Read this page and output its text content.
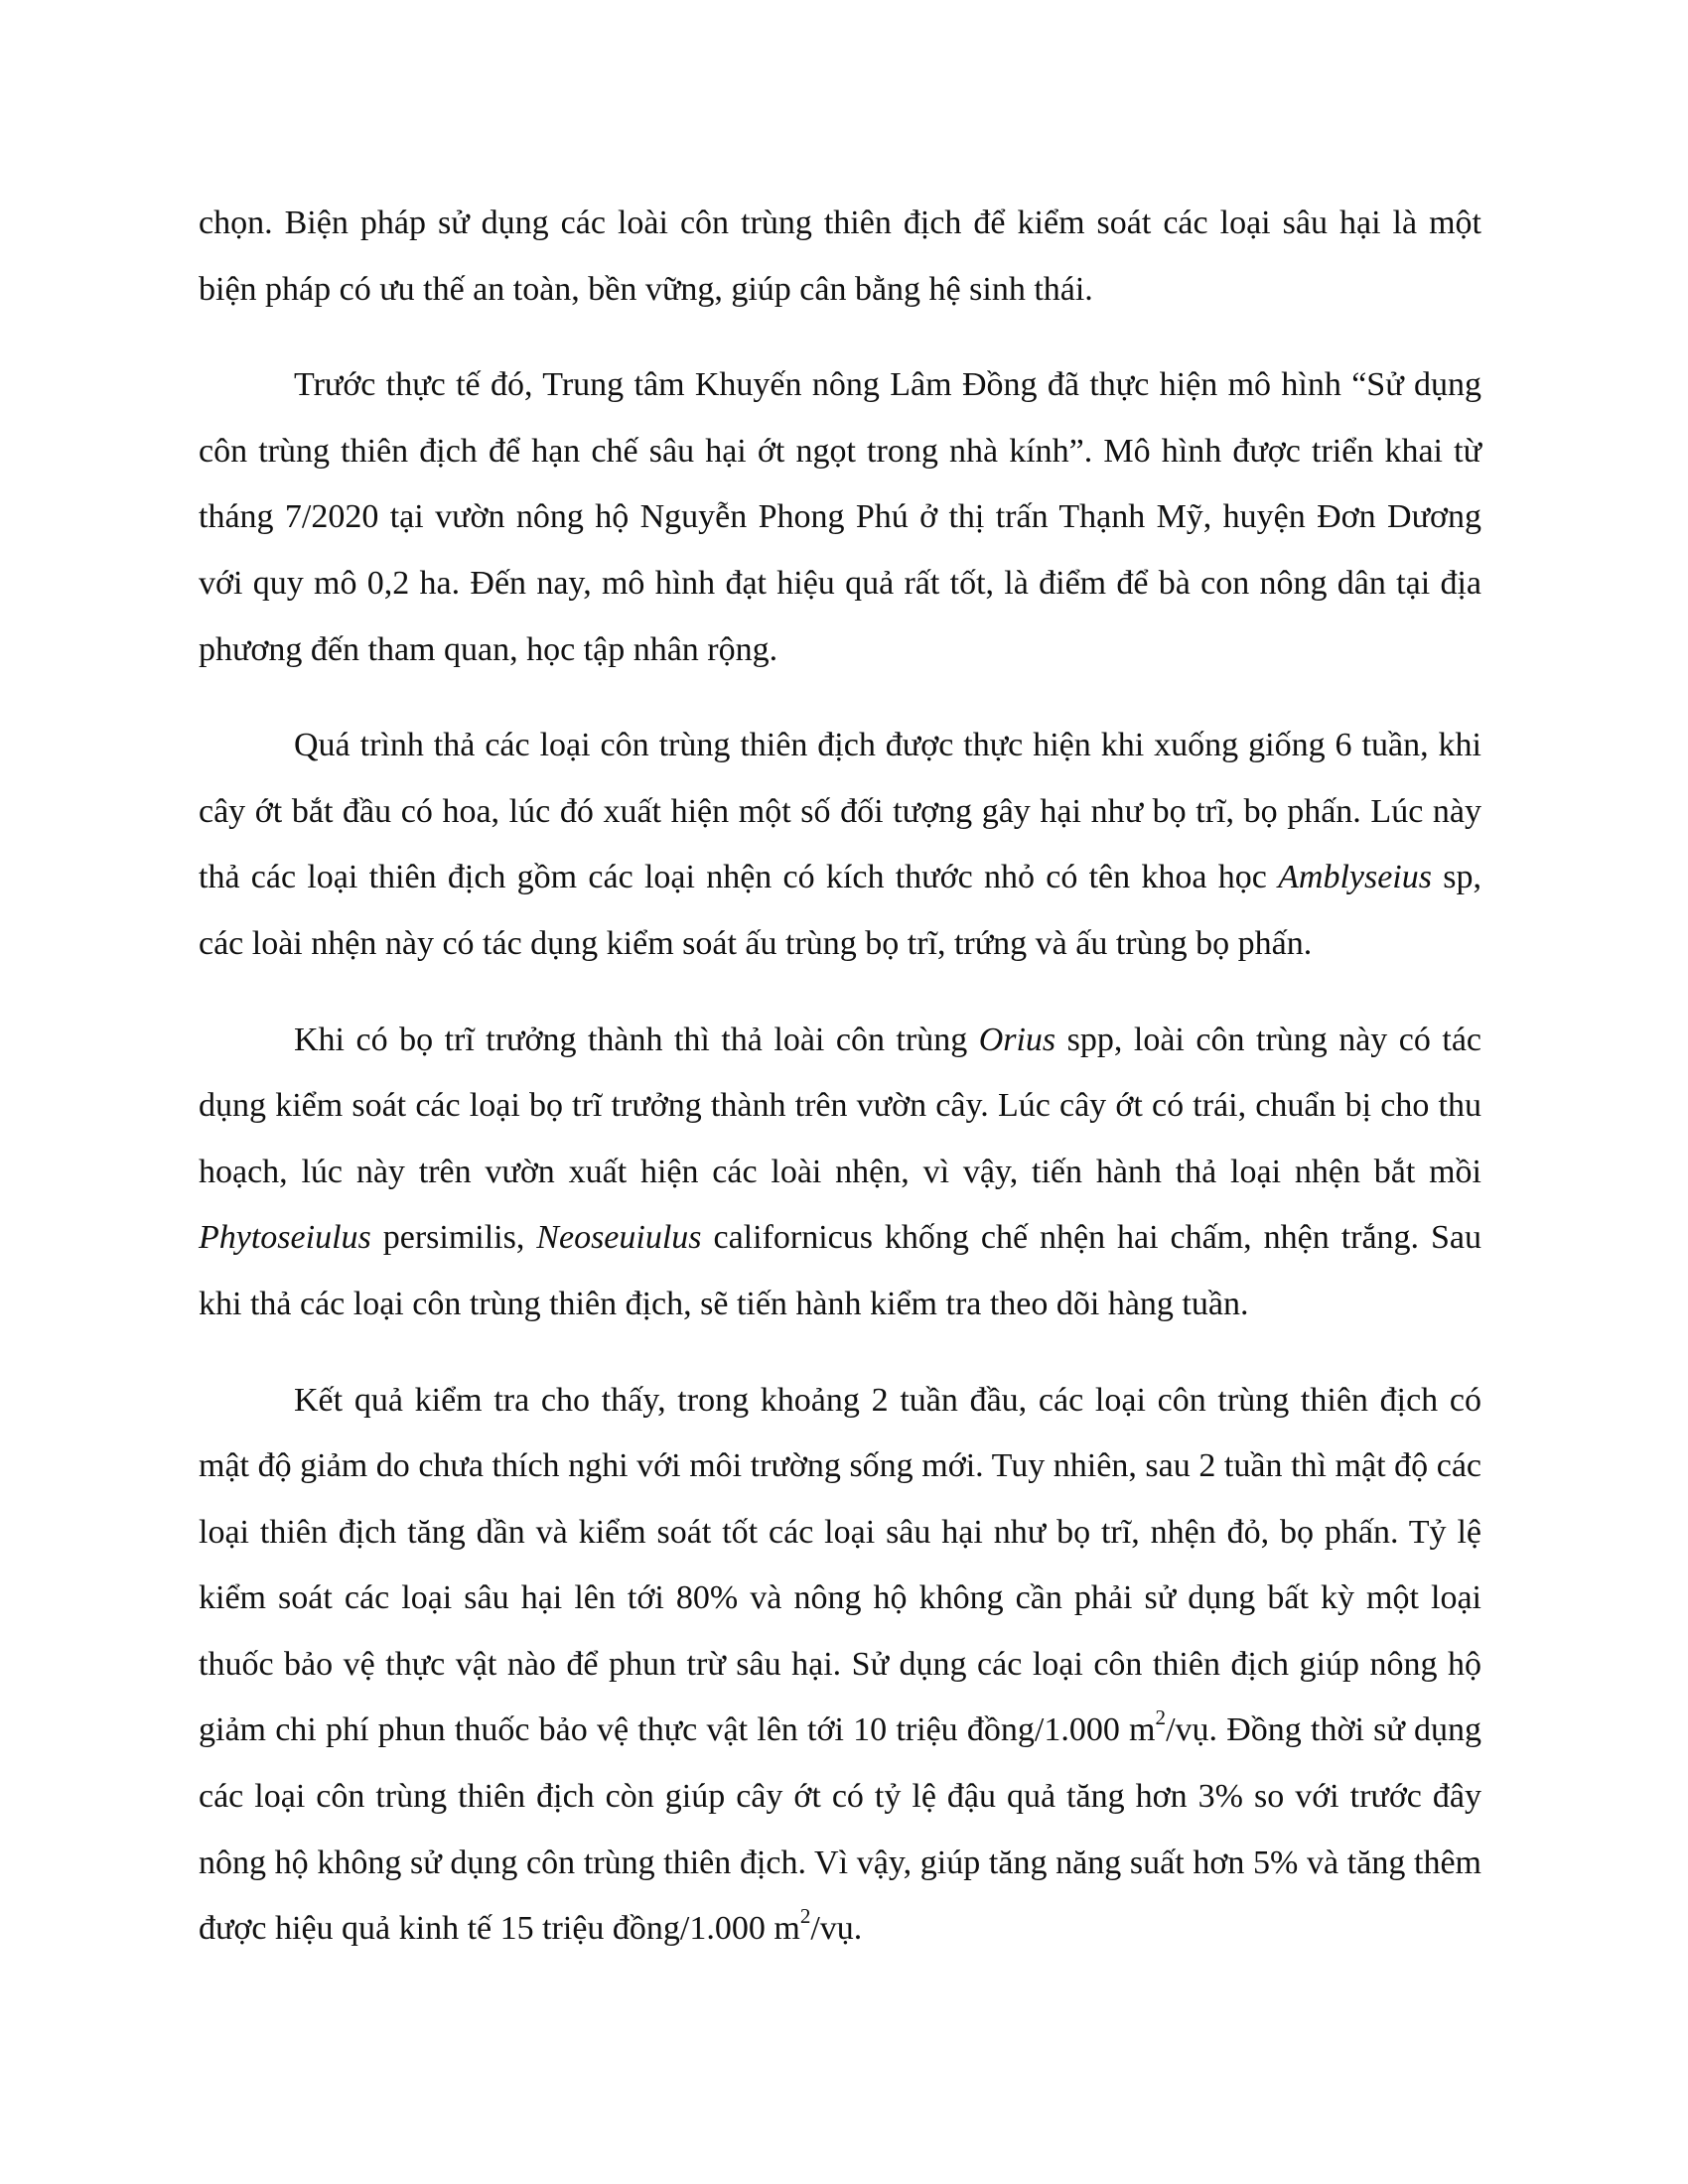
chọn. Biện pháp sử dụng các loài côn trùng thiên địch để kiểm soát các loại sâu hại là một biện pháp có ưu thế an toàn, bền vững, giúp cân bằng hệ sinh thái.

Trước thực tế đó, Trung tâm Khuyến nông Lâm Đồng đã thực hiện mô hình “Sử dụng côn trùng thiên địch để hạn chế sâu hại ớt ngọt trong nhà kính”. Mô hình được triển khai từ tháng 7/2020 tại vườn nông hộ Nguyễn Phong Phú ở thị trấn Thạnh Mỹ, huyện Đơn Dương với quy mô 0,2 ha. Đến nay, mô hình đạt hiệu quả rất tốt, là điểm để bà con nông dân tại địa phương đến tham quan, học tập nhân rộng.

Quá trình thả các loại côn trùng thiên địch được thực hiện khi xuống giống 6 tuần, khi cây ớt bắt đầu có hoa, lúc đó xuất hiện một số đối tượng gây hại như bọ trĩ, bọ phấn. Lúc này thả các loại thiên địch gồm các loại nhện có kích thước nhỏ có tên khoa học Amblyseius sp, các loài nhện này có tác dụng kiểm soát ấu trùng bọ trĩ, trứng và ấu trùng bọ phấn.

Khi có bọ trĩ trưởng thành thì thả loài côn trùng Orius spp, loài côn trùng này có tác dụng kiểm soát các loại bọ trĩ trưởng thành trên vườn cây. Lúc cây ớt có trái, chuẩn bị cho thu hoạch, lúc này trên vườn xuất hiện các loài nhện, vì vậy, tiến hành thả loại nhện bắt mồi Phytoseiulus persimilis, Neoseuiulus californicus khống chế nhện hai chấm, nhện trắng. Sau khi thả các loại côn trùng thiên địch, sẽ tiến hành kiểm tra theo dõi hàng tuần.

Kết quả kiểm tra cho thấy, trong khoảng 2 tuần đầu, các loại côn trùng thiên địch có mật độ giảm do chưa thích nghi với môi trường sống mới. Tuy nhiên, sau 2 tuần thì mật độ các loại thiên địch tăng dần và kiểm soát tốt các loại sâu hại như bọ trĩ, nhện đỏ, bọ phấn. Tỷ lệ kiểm soát các loại sâu hại lên tới 80% và nông hộ không cần phải sử dụng bất kỳ một loại thuốc bảo vệ thực vật nào để phun trừ sâu hại. Sử dụng các loại côn thiên địch giúp nông hộ giảm chi phí phun thuốc bảo vệ thực vật lên tới 10 triệu đồng/1.000 $m^2/vụ$. Đồng thời sử dụng các loại côn trùng thiên địch còn giúp cây ớt có tỷ lệ đậu quả tăng hơn 3% so với trước đây nông hộ không sử dụng côn trùng thiên địch. Vì vậy, giúp tăng năng suất hơn 5% và tăng thêm được hiệu quả kinh tế 15 triệu đồng/1.000 $m^2/vụ$.
